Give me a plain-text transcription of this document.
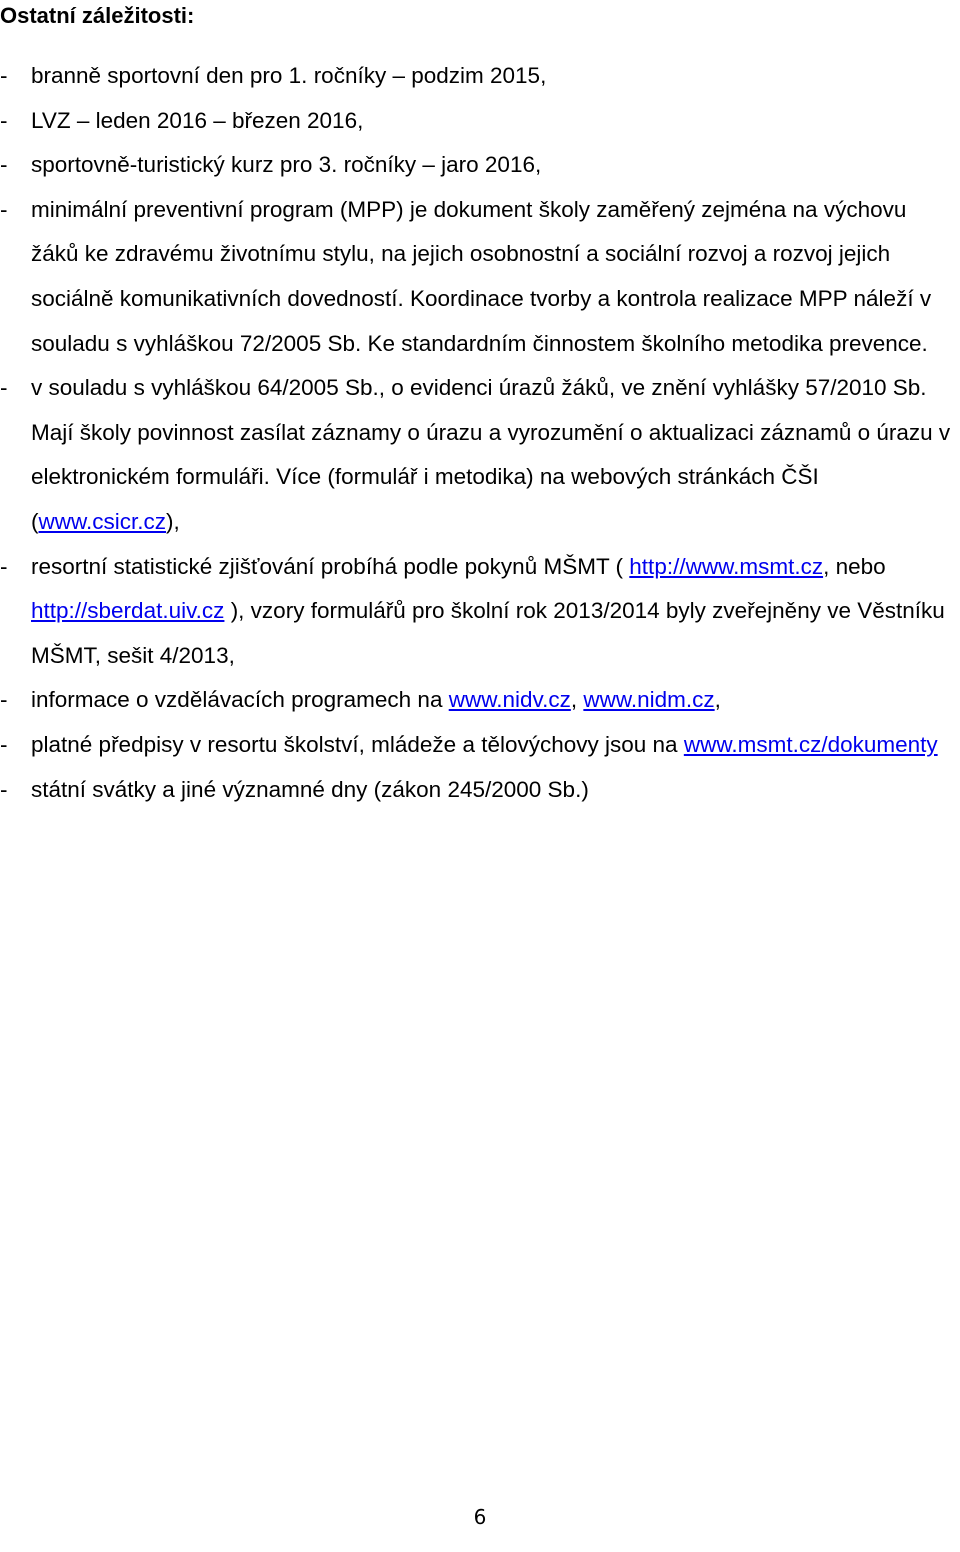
Ostatní záležitosti:
-	branně sportovní den pro 1. ročníky – podzim 2015,
-	LVZ – leden 2016 – březen 2016,
-	sportovně-turistický kurz pro 3. ročníky – jaro 2016,
-	minimální preventivní program (MPP) je dokument školy zaměřený zejména na výchovu žáků ke zdravému životnímu stylu, na jejich osobnostní a sociální rozvoj a rozvoj jejich sociálně komunikativních dovedností. Koordinace tvorby a kontrola realizace MPP náleží v souladu s vyhláškou 72/2005 Sb. Ke standardním činnostem školního metodika prevence.
-	v souladu s vyhláškou 64/2005 Sb., o evidenci úrazů žáků, ve znění vyhlášky 57/2010 Sb. Mají školy povinnost zasílat záznamy o úrazu a vyrozumění o aktualizaci záznamů o úrazu v elektronickém formuláři. Více (formulář i metodika) na webových stránkách ČŠI (www.csicr.cz),
-	resortní statistické zjišťování probíhá podle pokynů MŠMT ( http://www.msmt.cz, nebo http://sberdat.uiv.cz ), vzory formulářů pro školní rok 2013/2014 byly zveřejněny ve Věstníku MŠMT, sešit 4/2013,
-	informace o vzdělávacích programech na www.nidv.cz, www.nidm.cz,
-	platné předpisy v resortu školství, mládeže a tělovýchovy jsou na www.msmt.cz/dokumenty
-	státní svátky a jiné významné dny (zákon 245/2000 Sb.)
6
